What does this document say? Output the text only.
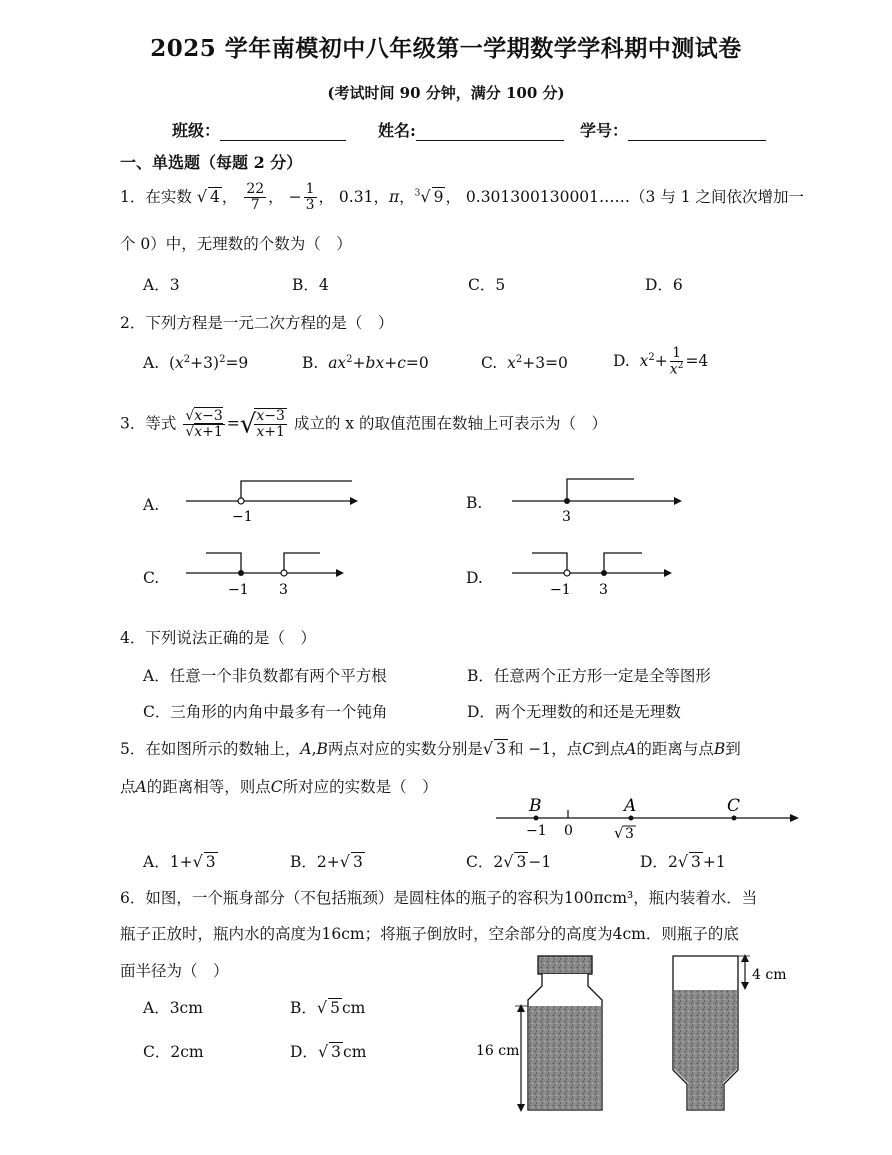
2025 学年南模初中八年级第一学期数学学科期中测试卷
(考试时间 90 分钟，满分 100 分)
班级：	姓名:	学号：
一、单选题（每题 2 分）
1．在实数 √ 4 ， $\frac{22}{7}$ ， − $\frac{1}{3}$ ， 0.31，π，$^3$√ 9 ， 0.301300130001……（3 与 1 之间依次增加一
个 0）中，无理数的个数为（　）
A．3	B．4	C．5	D．6
2．下列方程是一元二次方程的是（　）
A.  $(x^2+3)^2=9$	B. $ax^2+bx+c=0$	C. $x^2+3=0$	D. $x^2+ \frac{1}{x^2} =4$
3．等式 $\frac{√x-3}{√x+1}$ =√
$\frac{x-3}{x+1}$ 成立的 x 的取值范围在数轴上可表示为（　）
A.	B.
C.	D.
−1	3
−1 3	−1 3
4．下列说法正确的是（　）
A．任意一个非负数都有两个平方根	B．任意两个正方形一定是全等图形
C．三角形的内角中最多有一个钝角	D．两个无理数的和还是无理数
5．在如图所示的数轴上，A,B两点对应的实数分别是√ 3 和 −1，点C到点A的距离与点B到
点A的距离相等，则点C所对应的实数是（　）
B	A	C
−1 0	√ 3
A．1+√ 3	B．2+√ 3	C．2√ 3 −1	D．2√ 3 +1
6．如图，一个瓶身部分（不包括瓶颈）是圆柱体的瓶子的容积为100πcm³，瓶内装着水．当
瓶子正放时，瓶内水的高度为16cm；将瓶子倒放时，空余部分的高度为4cm．则瓶子的底
面半径为（　）
A．3cm	B．√ 5 cm
C．2cm	D．√ 3 cm	16 cm
4 cm
